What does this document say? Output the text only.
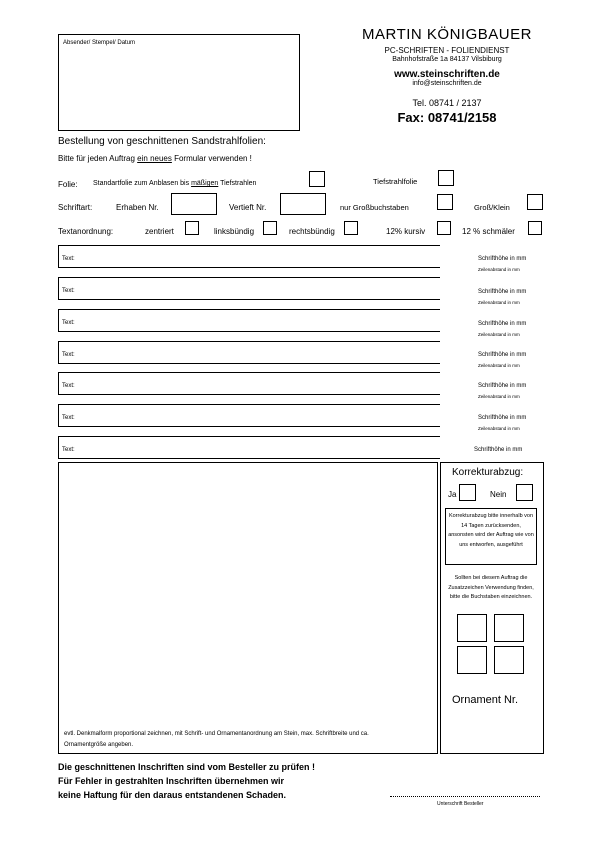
Absender/ Stempel/ Datum	MARTIN KÖNIGBAUER
PC-SCHRIFTEN - FOLIENDIENST
Bahnhofstraße 1a 84137 Vilsbiburg
www.steinschriften.de
info@steinschriften.de
Tel. 08741 / 2137
Fax: 08741/2158
Bestellung von geschnittenen Sandstrahlfolien:
Bitte für jeden Auftrag ein neues Formular verwenden !
Folie: Standartfolie zum Anblasen bis mäßigen Tiefstrahlen	Tiefstrahlfolie
Schriftart:	Erhaben Nr.	Vertieft Nr.	nur Großbuchstaben	Groß/Klein
Textanordnung:	zentriert	linksbündig	rechtsbündig	12% kursiv	12 % schmäler
Text:	Schrifthöhe in mm
Zeilenabstand in mm
Text:	Schrifthöhe in mm
Zeilenabstand in mm
Text:	Schrifthöhe in mm
Zeilenabstand in mm
Text:	Schrifthöhe in mm
Zeilenabstand in mm
Text:	Schrifthöhe in mm
Zeilenabstand in mm
Text:	Schrifthöhe in mm
Zeilenabstand in mm
Text:	Schrifthöhe in mm
evtl. Denkmalform proportional zeichnen, mit Schrift- und Ornamentanordnung am Stein, max. Schriftbreite und ca. Ornamentgröße angeben.
Korrekturabzug:
Ja	Nein
Korrekturabzug bitte innerhalb von 14 Tagen zurücksenden, ansonsten wird der Auftrag wie von uns entworfen, ausgeführt
Sollten bei diesem Auftrag die Zusatzzeichen Verwendung finden, bitte die Buchstaben einzeichnen.
Ornament Nr.
Die geschnittenen Inschriften sind vom Besteller zu prüfen !
Für Fehler in gestrahlten Inschriften übernehmen wir
keine Haftung für den daraus entstandenen Schaden.
Unterschrift Besteller
